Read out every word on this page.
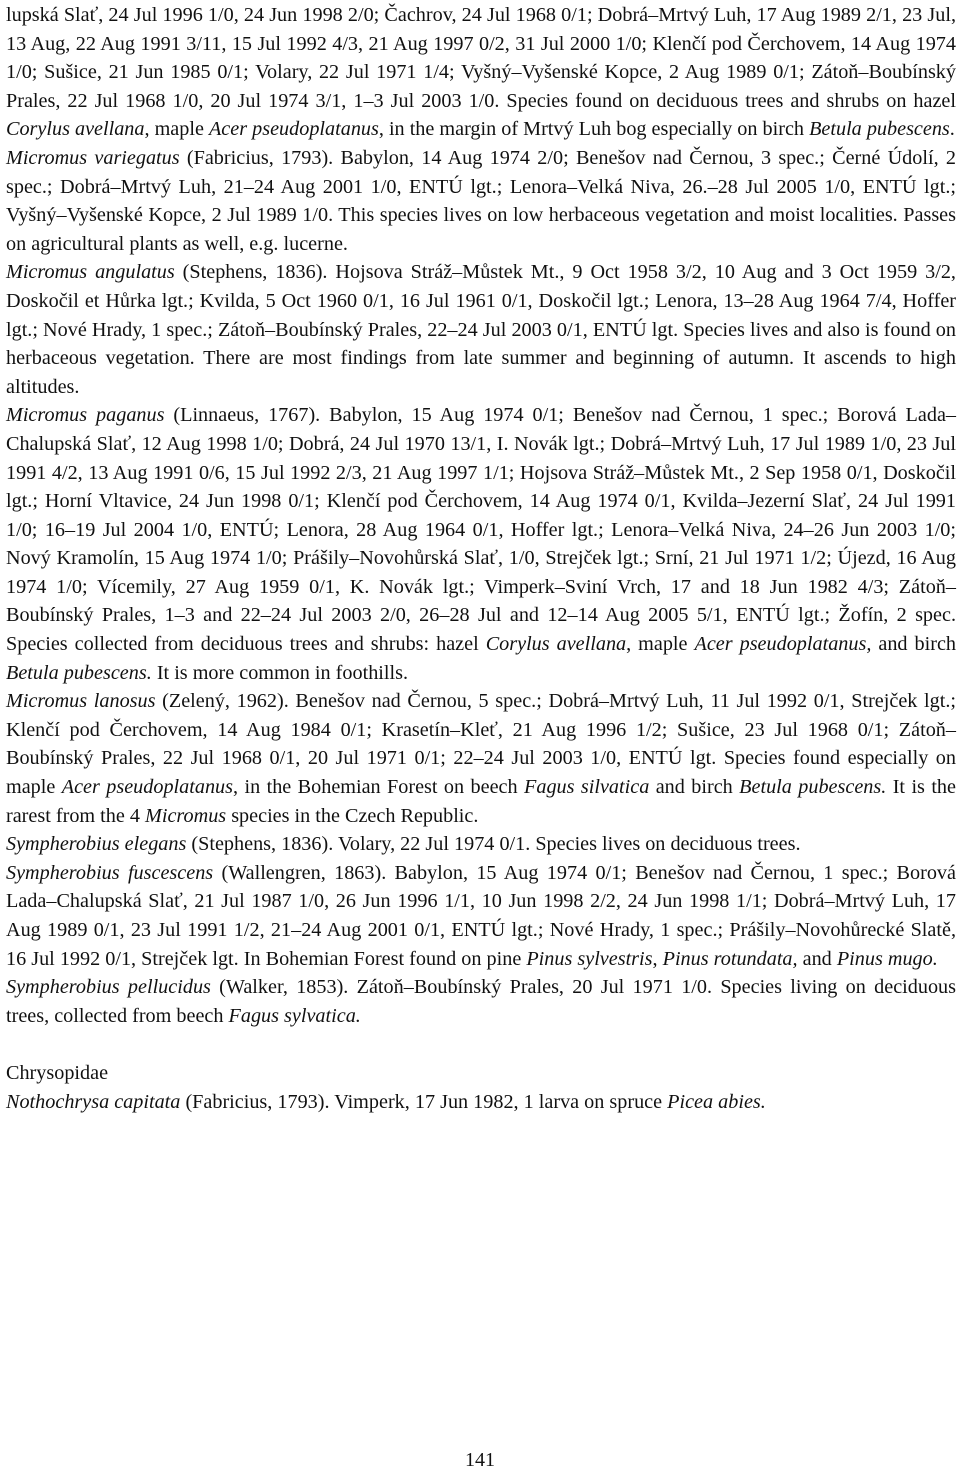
lupská Slať, 24 Jul 1996 1/0, 24 Jun 1998 2/0; Čachrov, 24 Jul 1968 0/1; Dobrá–Mrtvý Luh, 17 Aug 1989 2/1, 23 Jul, 13 Aug, 22 Aug 1991 3/11, 15 Jul 1992 4/3, 21 Aug 1997 0/2, 31 Jul 2000 1/0; Klenčí pod Čerchovem, 14 Aug 1974 1/0; Sušice, 21 Jun 1985 0/1; Volary, 22 Jul 1971 1/4; Vyšný–Vyšenské Kopce, 2 Aug 1989 0/1; Zátoň–Boubínský Prales, 22 Jul 1968 1/0, 20 Jul 1974 3/1, 1–3 Jul 2003 1/0. Species found on deciduous trees and shrubs on hazel Corylus avellana, maple Acer pseudoplatanus, in the margin of Mrtvý Luh bog especially on birch Betula pubescens.

Micromus variegatus (Fabricius, 1793). Babylon, 14 Aug 1974 2/0; Benešov nad Černou, 3 spec.; Černé Údolí, 2 spec.; Dobrá–Mrtvý Luh, 21–24 Aug 2001 1/0, ENTÚ lgt.; Lenora–Velká Niva, 26.–28 Jul 2005 1/0, ENTÚ lgt.; Vyšný–Vyšenské Kopce, 2 Jul 1989 1/0. This species lives on low herbaceous vegetation and moist localities. Passes on agricultural plants as well, e.g. lucerne.

Micromus angulatus (Stephens, 1836). Hojsova Stráž–Můstek Mt., 9 Oct 1958 3/2, 10 Aug and 3 Oct 1959 3/2, Doskočil et Hůrka lgt.; Kvilda, 5 Oct 1960 0/1, 16 Jul 1961 0/1, Doskočil lgt.; Lenora, 13–28 Aug 1964 7/4, Hoffer lgt.; Nové Hrady, 1 spec.; Zátoň–Boubínský Prales, 22–24 Jul 2003 0/1, ENTÚ lgt. Species lives and also is found on herbaceous vegetation. There are most findings from late summer and beginning of autumn. It ascends to high altitudes.

Micromus paganus (Linnaeus, 1767). Babylon, 15 Aug 1974 0/1; Benešov nad Černou, 1 spec.; Borová Lada–Chalupská Slať, 12 Aug 1998 1/0; Dobrá, 24 Jul 1970 13/1, I. Novák lgt.; Dobrá–Mrtvý Luh, 17 Jul 1989 1/0, 23 Jul 1991 4/2, 13 Aug 1991 0/6, 15 Jul 1992 2/3, 21 Aug 1997 1/1; Hojsova Stráž–Můstek Mt., 2 Sep 1958 0/1, Doskočil lgt.; Horní Vltavice, 24 Jun 1998 0/1; Klenčí pod Čerchovem, 14 Aug 1974 0/1, Kvilda–Jezerní Slať, 24 Jul 1991 1/0; 16–19 Jul 2004 1/0, ENTÚ; Lenora, 28 Aug 1964 0/1, Hoffer lgt.; Lenora–Velká Niva, 24–26 Jun 2003 1/0; Nový Kramolín, 15 Aug 1974 1/0; Prášily–Novohůrská Slať, 1/0, Strejček lgt.; Srní, 21 Jul 1971 1/2; Újezd, 16 Aug 1974 1/0; Vícemily, 27 Aug 1959 0/1, K. Novák lgt.; Vimperk–Sviní Vrch, 17 and 18 Jun 1982 4/3; Zátoň–Boubínský Prales, 1–3 and 22–24 Jul 2003 2/0, 26–28 Jul and 12–14 Aug 2005 5/1, ENTÚ lgt.; Žofín, 2 spec. Species collected from deciduous trees and shrubs: hazel Corylus avellana, maple Acer pseudoplatanus, and birch Betula pubescens. It is more common in foothills.

Micromus lanosus (Zelený, 1962). Benešov nad Černou, 5 spec.; Dobrá–Mrtvý Luh, 11 Jul 1992 0/1, Strejček lgt.; Klenčí pod Čerchovem, 14 Aug 1984 0/1; Krasetín–Kleť, 21 Aug 1996 1/2; Sušice, 23 Jul 1968 0/1; Zátoň–Boubínský Prales, 22 Jul 1968 0/1, 20 Jul 1971 0/1; 22–24 Jul 2003 1/0, ENTÚ lgt. Species found especially on maple Acer pseudoplatanus, in the Bohemian Forest on beech Fagus silvatica and birch Betula pubescens. It is the rarest from the 4 Micromus species in the Czech Republic.

Sympherobius elegans (Stephens, 1836). Volary, 22 Jul 1974 0/1. Species lives on deciduous trees.

Sympherobius fuscescens (Wallengren, 1863). Babylon, 15 Aug 1974 0/1; Benešov nad Černou, 1 spec.; Borová Lada–Chalupská Slať, 21 Jul 1987 1/0, 26 Jun 1996 1/1, 10 Jun 1998 2/2, 24 Jun 1998 1/1; Dobrá–Mrtvý Luh, 17 Aug 1989 0/1, 23 Jul 1991 1/2, 21–24 Aug 2001 0/1, ENTÚ lgt.; Nové Hrady, 1 spec.; Prášily–Novohůrecké Slatě, 16 Jul 1992 0/1, Strejček lgt. In Bohemian Forest found on pine Pinus sylvestris, Pinus rotundata, and Pinus mugo.

Sympherobius pellucidus (Walker, 1853). Zátoň–Boubínský Prales, 20 Jul 1971 1/0. Species living on deciduous trees, collected from beech Fagus sylvatica.

Chrysopidae

Nothochrysa capitata (Fabricius, 1793). Vimperk, 17 Jun 1982, 1 larva on spruce Picea abies.

141
